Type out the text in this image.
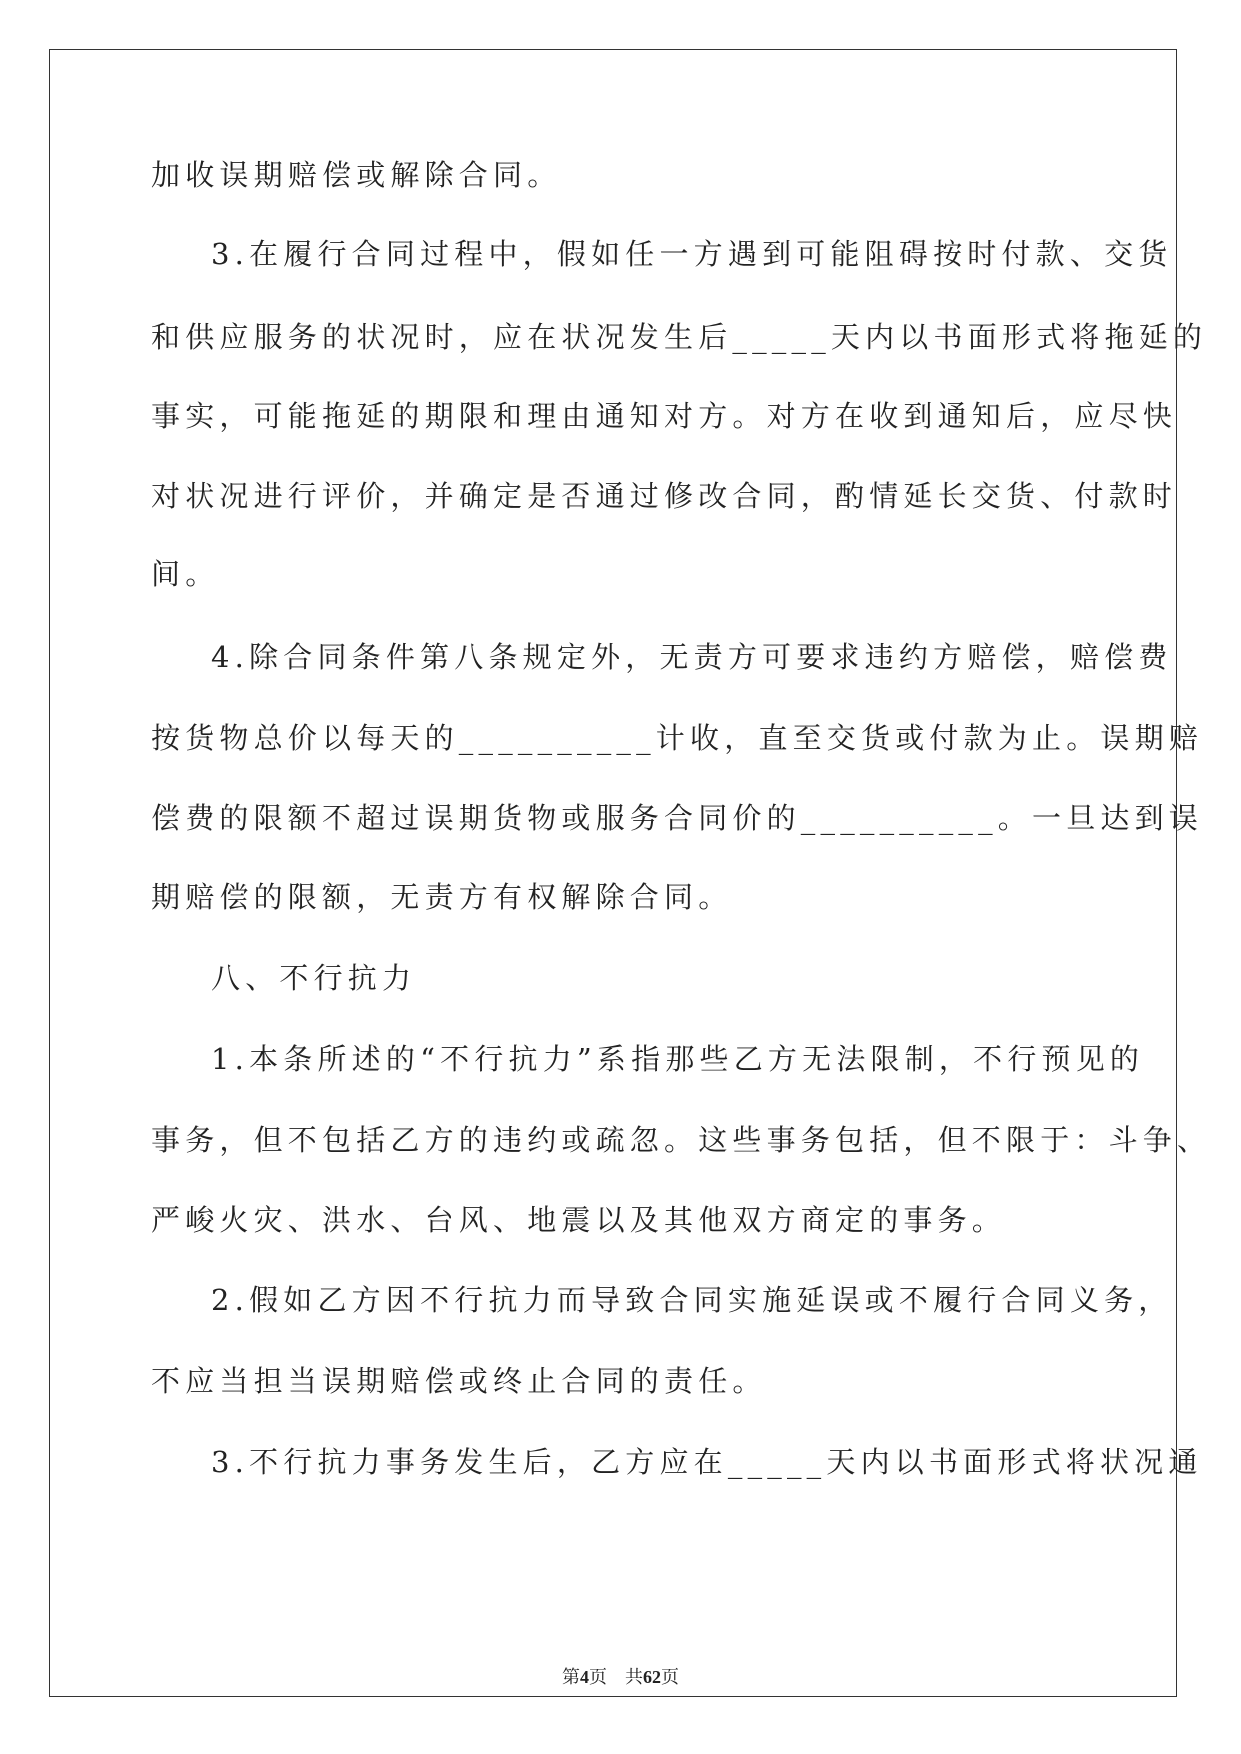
加收误期赔偿或解除合同。
3.在履行合同过程中，假如任一方遇到可能阻碍按时付款、交货
和供应服务的状况时，应在状况发生后_____天内以书面形式将拖延的
事实，可能拖延的期限和理由通知对方。对方在收到通知后，应尽快
对状况进行评价，并确定是否通过修改合同，酌情延长交货、付款时
间。
4.除合同条件第八条规定外，无责方可要求违约方赔偿，赔偿费
按货物总价以每天的__________计收，直至交货或付款为止。误期赔
偿费的限额不超过误期货物或服务合同价的__________。一旦达到误
期赔偿的限额，无责方有权解除合同。
八、不行抗力
1.本条所述的“不行抗力”系指那些乙方无法限制，不行预见的
事务，但不包括乙方的违约或疏忽。这些事务包括，但不限于：斗争、
严峻火灾、洪水、台风、地震以及其他双方商定的事务。
2.假如乙方因不行抗力而导致合同实施延误或不履行合同义务，
不应当担当误期赔偿或终止合同的责任。
3.不行抗力事务发生后，乙方应在_____天内以书面形式将状况通
第4页 共62页
